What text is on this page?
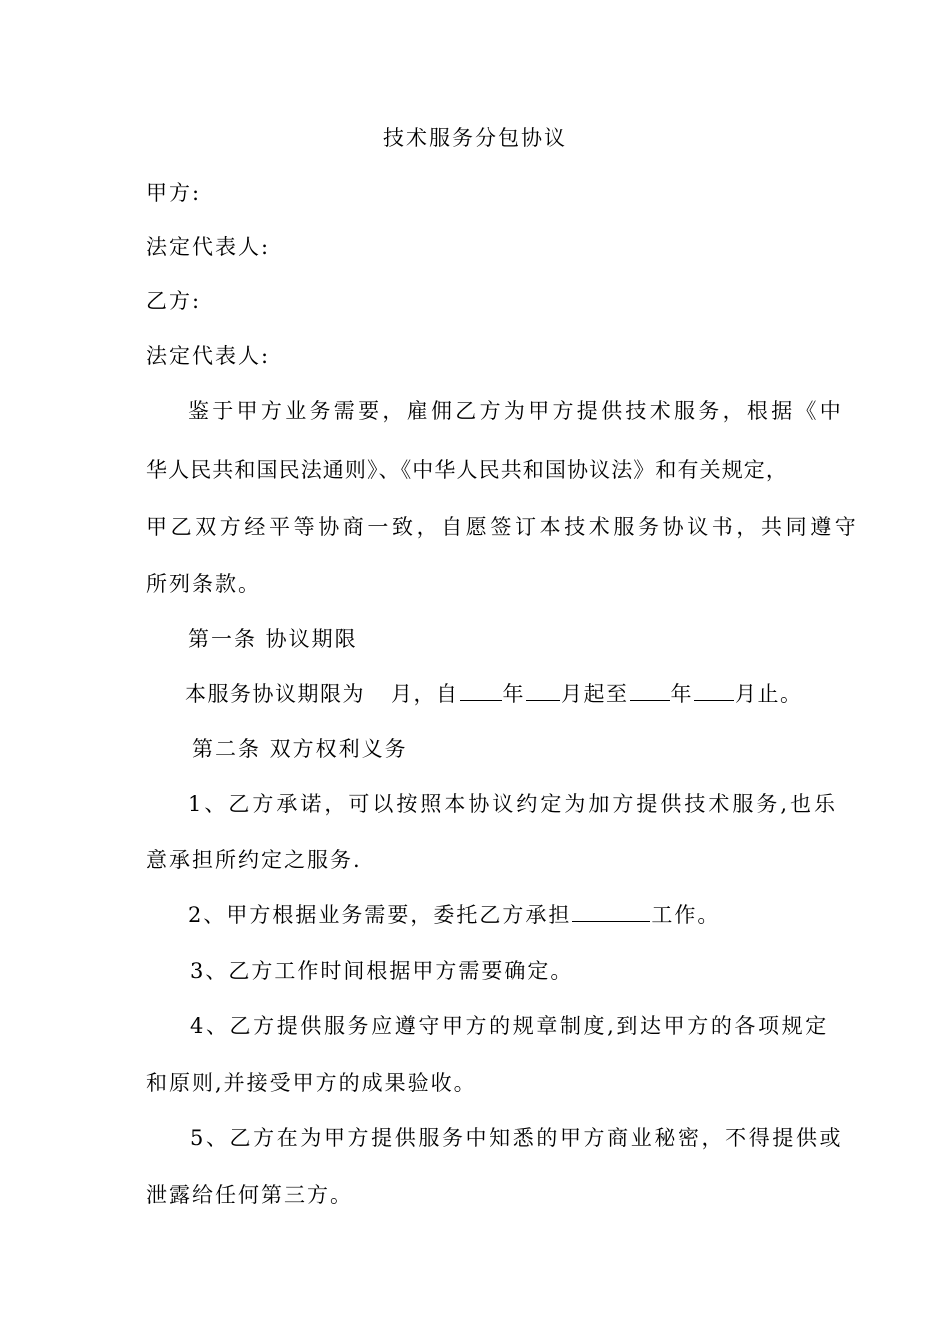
技术服务分包协议
甲方:
法定代表人:
乙方:
法定代表人:
鉴于甲方业务需要，雇佣乙方为甲方提供技术服务，根据《中
华人民共和国民法通则》、《中华人民共和国协议法》和有关规定，
甲乙双方经平等协商一致，自愿签订本技术服务协议书，共同遵守
所列条款。
第一条 协议期限
本服务协议期限为 月，自 年 月起至 年 月止。
第二条 双方权利义务
1、乙方承诺，可以按照本协议约定为加方提供技术服务,也乐
意承担所约定之服务.
2、甲方根据业务需要，委托乙方承担	工作。
3、乙方工作时间根据甲方需要确定。
4、乙方提供服务应遵守甲方的规章制度,到达甲方的各项规定
和原则,并接受甲方的成果验收。
5、乙方在为甲方提供服务中知悉的甲方商业秘密，不得提供或
泄露给任何第三方。
